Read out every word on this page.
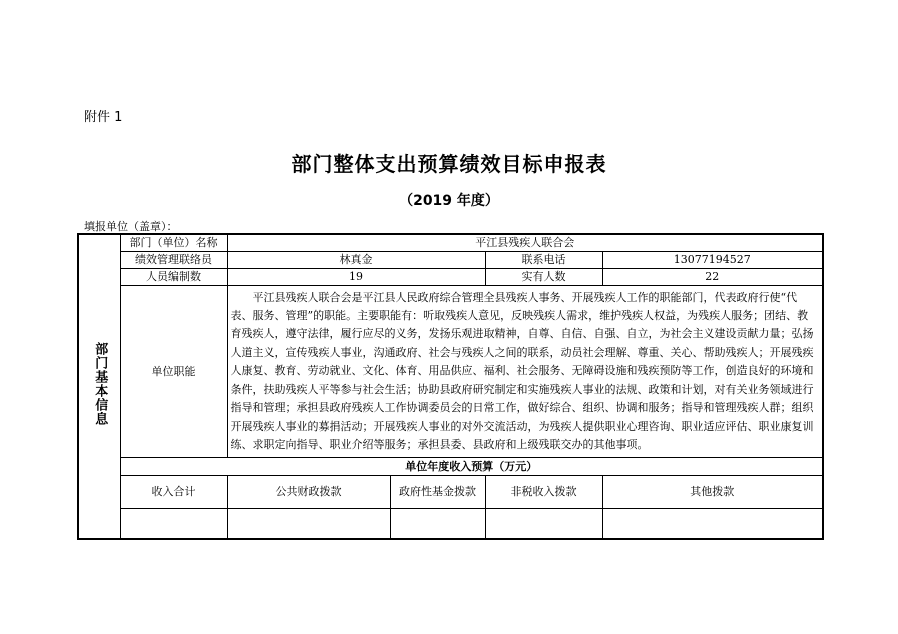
附件 1
部门整体支出预算绩效目标申报表
（2019 年度）
填报单位（盖章）：
部门基本信息	部门（单位）名称	平江县残疾人联合会			
	绩效管理联络员	林真金		联系电话	13077194527
	人员编制数	19		实有人数	22
	单位职能	平江县残疾人联合会是平江县人民政府综合管理全县残疾人事务、开展残疾人工作的职能部门，代表政府行使“代表、服务、管理”的职能。主要职能有：听取残疾人意见，反映残疾人需求，维护残疾人权益，为残疾人服务；团结、教育残疾人，遵守法律，履行应尽的义务，发扬乐观进取精神，自尊、自信、自强、自立，为社会主义建设贡献力量；弘扬人道主义，宣传残疾人事业，沟通政府、社会与残疾人之间的联系，动员社会理解、尊重、关心、帮助残疾人；开展残疾人康复、教育、劳动就业、文化、体育、用品供应、福利、社会服务、无障碍设施和残疾预防等工作，创造良好的环境和条件，扶助残疾人平等参与社会生活；协助县政府研究制定和实施残疾人事业的法规、政策和计划，对有关业务领域进行指导和管理；承担县政府残疾人工作协调委员会的日常工作，做好综合、组织、协调和服务；指导和管理残疾人群；组织开展残疾人事业的募捐活动；开展残疾人事业的对外交流活动，为残疾人提供职业心理咨询、职业适应评估、职业康复训练、求职定向指导、职业介绍等服务；承担县委、县政府和上级残联交办的其他事项。			
	单位年度收入预算（万元）				
	收入合计	公共财政拨款	政府性基金拨款	非税收入拨款	其他拨款
